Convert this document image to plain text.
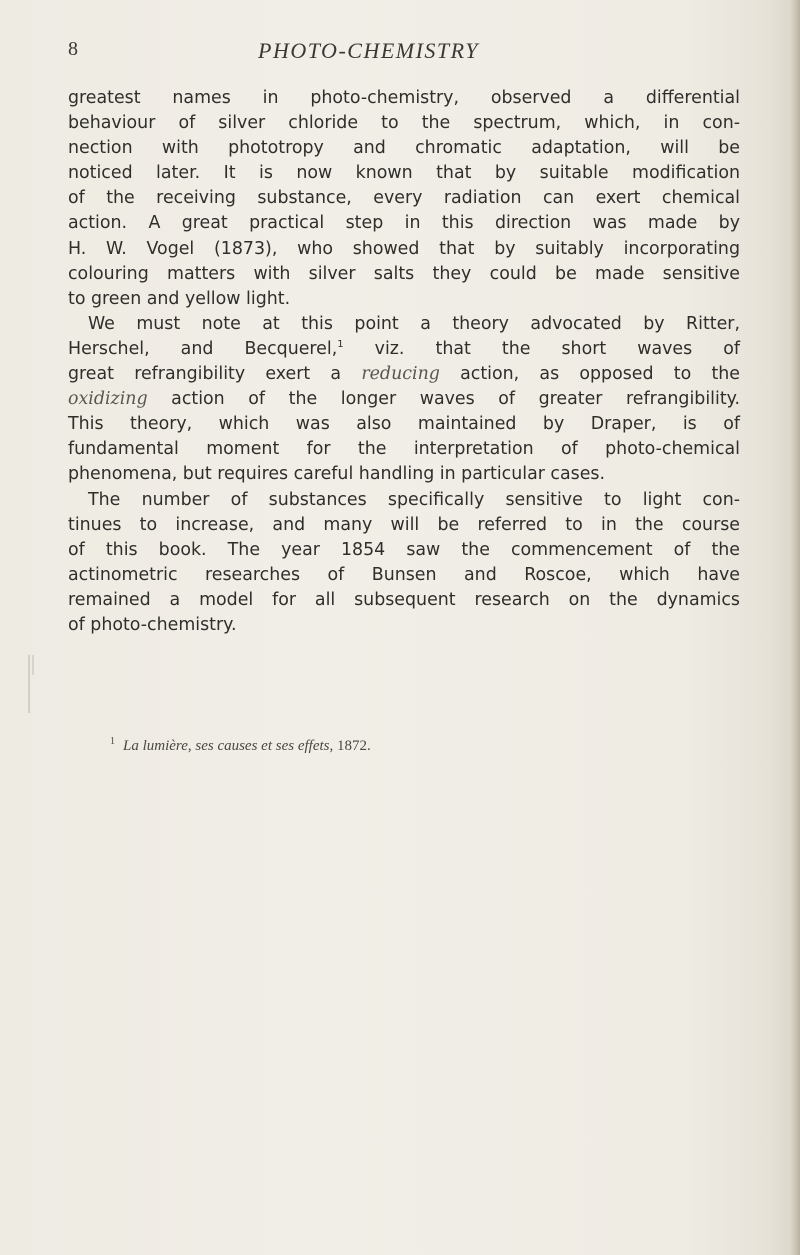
8	PHOTO-CHEMISTRY
greatest names in photo-chemistry, observed a differential
behaviour of silver chloride to the spectrum, which, in con-
nection with phototropy and chromatic adaptation, will be
noticed later. It is now known that by suitable modification
of the receiving substance, every radiation can exert chemical
action. A great practical step in this direction was made by
H. W. Vogel (1873), who showed that by suitably incorporating
colouring matters with silver salts they could be made sensitive
to green and yellow light.
We must note at this point a theory advocated by Ritter,
Herschel, and Becquerel,$^1$ viz. that the short waves of
great refrangibility exert a reducing action, as opposed to the
oxidizing action of the longer waves of greater refrangibility.
This theory, which was also maintained by Draper, is of
fundamental moment for the interpretation of photo-chemical
phenomena, but requires careful handling in particular cases.
The number of substances specifically sensitive to light con-
tinues to increase, and many will be referred to in the course
of this book. The year 1854 saw the commencement of the
actinometric researches of Bunsen and Roscoe, which have
remained a model for all subsequent research on the dynamics
of photo-chemistry.
$^1$ La lumière, ses causes et ses effets, 1872.
